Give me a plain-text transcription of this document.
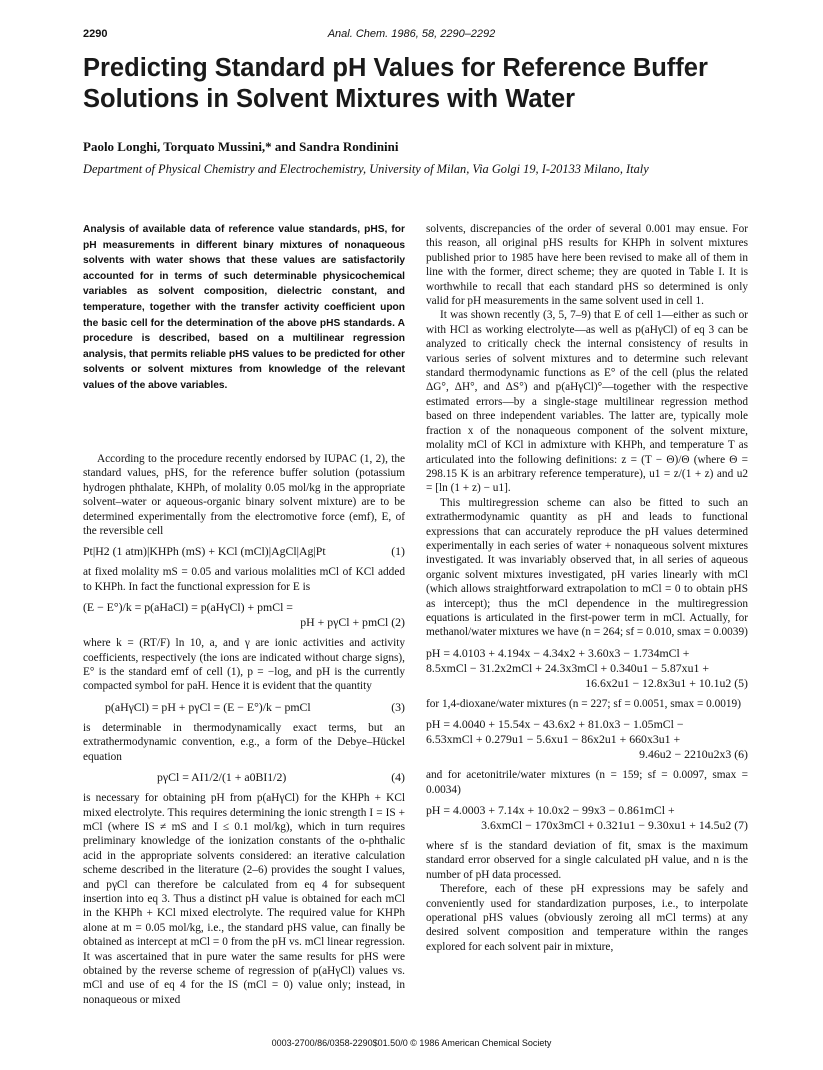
2290	Anal. Chem. 1986, 58, 2290–2292
Predicting Standard pH Values for Reference Buffer Solutions in Solvent Mixtures with Water
Paolo Longhi, Torquato Mussini,* and Sandra Rondinini
Department of Physical Chemistry and Electrochemistry, University of Milan, Via Golgi 19, I-20133 Milano, Italy
Analysis of available data of reference value standards, pHS, for pH measurements in different binary mixtures of nonaqueous solvents with water shows that these values are satisfactorily accounted for in terms of such determinable physicochemical variables as solvent composition, dielectric constant, and temperature, together with the transfer activity coefficient upon the basic cell for the determination of the above pHS standards. A procedure is described, based on a multilinear regression analysis, that permits reliable pHS values to be predicted for other solvents or solvent mixtures from knowledge of the relevant values of the above variables.

According to the procedure recently endorsed by IUPAC (1, 2), the standard values, pHS, for the reference buffer solution (potassium hydrogen phthalate, KHPh, of molality 0.05 mol/kg in the appropriate solvent–water or aqueous-organic binary solvent mixture) are to be determined experimentally from the electromotive force (emf), E, of the reversible cell

(1)
Pt|H2 (1 atm)|KHPh (mS) + KCl (mCl)|AgCl|Ag|Pt

at fixed molality mS = 0.05 and various molalities mCl of KCl added to KHPh. In fact the functional expression for E is

(E − E°)/k = p(aHaCl) = p(aHγCl) + pmCl =
pH + pγCl + pmCl (2)

where k = (RT/F) ln 10, a, and γ are ionic activities and activity coefficients, respectively (the ions are indicated without charge signs), E° is the standard emf of cell (1), p = −log, and pH is the currently compacted symbol for paH. Hence it is evident that the quantity

(3)
p(aHγCl) = pH + pγCl = (E − E°)/k − pmCl

is determinable in thermodynamically exact terms, but an extrathermodynamic convention, e.g., a form of the Debye–Hückel equation

(4)
pγCl = AI1/2/(1 + a0BI1/2)

is necessary for obtaining pH from p(aHγCl) for the KHPh + KCl mixed electrolyte. This requires determining the ionic strength I = IS + mCl (where IS ≠ mS and I ≤ 0.1 mol/kg), which in turn requires preliminary knowledge of the ionization constants of the o-phthalic acid in the appropriate solvents considered: an iterative calculation scheme described in the literature (2–6) provides the sought I values, and pγCl can therefore be calculated from eq 4 for subsequent insertion into eq 3. Thus a distinct pH value is obtained for each mCl in the KHPh + KCl mixed electrolyte. The required value for KHPh alone at m = 0.05 mol/kg, i.e., the standard pHS value, can finally be obtained as intercept at mCl = 0 from the pH vs. mCl linear regression. It was ascertained that in pure water the same results for pHS were obtained by the reverse scheme of regression of p(aHγCl) values vs. mCl and use of eq 4 for the IS (mCl = 0) value only; instead, in nonaqueous or mixed

solvents, discrepancies of the order of several 0.001 may ensue. For this reason, all original pHS results for KHPh in solvent mixtures published prior to 1985 have here been revised to make all of them in line with the former, direct scheme; they are quoted in Table I. It is worthwhile to recall that each standard pHS so determined is only valid for pH measurements in the same solvent used in cell 1.

It was shown recently (3, 5, 7–9) that E of cell 1—either as such or with HCl as working electrolyte—as well as p(aHγCl) of eq 3 can be analyzed to critically check the internal consistency of results in various series of solvent mixtures and to determine such relevant standard thermodynamic functions as E° of the cell (plus the related ΔG°, ΔH°, and ΔS°) and p(aHγCl)°—together with the respective estimated errors—by a single-stage multilinear regression method based on three independent variables. The latter are, typically mole fraction x of the nonaqueous component of the solvent mixture, molality mCl of KCl in admixture with KHPh, and temperature T as articulated into the following definitions: z = (T − Θ)/Θ (where Θ = 298.15 K is an arbitrary reference temperature), u1 = z/(1 + z) and u2 = [ln (1 + z) − u1].

This multiregression scheme can also be fitted to such an extrathermodynamic quantity as pH and leads to functional expressions that can accurately reproduce the pH values determined experimentally in each series of water + nonaqueous solvent mixtures investigated. It was invariably observed that, in all series of aqueous organic solvent mixtures investigated, pH varies linearly with mCl (which allows straightforward extrapolation to mCl = 0 to obtain pHS as intercept); thus the mCl dependence in the multiregression equations is articulated in the first-power term in mCl. Actually, for methanol/water mixtures we have (n = 264; sf = 0.010, smax = 0.0039)

pH = 4.0103 + 4.194x − 4.34x2 + 3.60x3 − 1.734mCl +
8.5xmCl − 31.2x2mCl + 24.3x3mCl + 0.340u1 − 5.87xu1 +
16.6x2u1 − 12.8x3u1 + 10.1u2 (5)

for 1,4-dioxane/water mixtures (n = 227; sf = 0.0051, smax = 0.0019)

pH = 4.0040 + 15.54x − 43.6x2 + 81.0x3 − 1.05mCl −
6.53xmCl + 0.279u1 − 5.6xu1 − 86x2u1 + 660x3u1 +
9.46u2 − 2210u2x3 (6)

and for acetonitrile/water mixtures (n = 159; sf = 0.0097, smax = 0.0034)

pH = 4.0003 + 7.14x + 10.0x2 − 99x3 − 0.861mCl +
3.6xmCl − 170x3mCl + 0.321u1 − 9.30xu1 + 14.5u2 (7)

where sf is the standard deviation of fit, smax is the maximum standard error observed for a single calculated pH value, and n is the number of pH data processed.

Therefore, each of these pH expressions may be safely and conveniently used for standardization purposes, i.e., to interpolate operational pHS values (obviously zeroing all mCl terms) at any desired solvent composition and temperature within the ranges explored for each solvent pair in mixture,

0003-2700/86/0358-2290$01.50/0 © 1986 American Chemical Society
